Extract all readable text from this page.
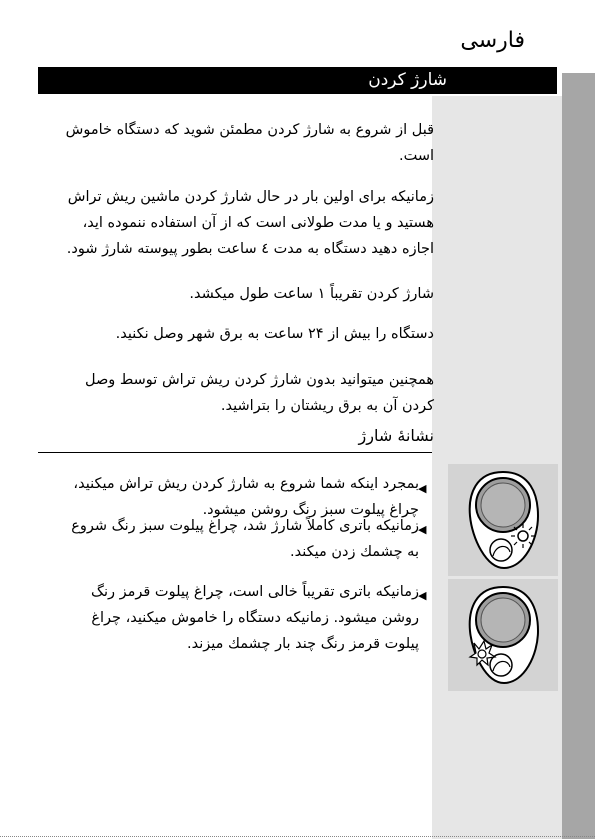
فارسی
شارژ کردن

قبل از شروع به شارژ کردن مطمئن شوید که دستگاه خاموش است.

زمانیکه برای اولین بار در حال شارژ کردن ماشین ریش تراش هستید و یا مدت طولانی است که از آن استفاده ننموده اید، اجازه دهید دستگاه به مدت ٤ ساعت بطور پیوسته شارژ شود.

شارژ کردن تقریباً ۱ ساعت طول میکشد.

دستگاه را بیش از ۲۴ ساعت به برق شهر وصل نکنید.

همچنین میتوانید بدون شارژ کردن ریش تراش توسط وصل کردن آن به برق ریشتان را بتراشید.

نشانهٔ شارژ
◀

بمجرد اینکه شما شروع به شارژ کردن ریش تراش میکنید، چراغ پیلوت سبز رنگ روشن میشود.

◀

زمانیکه باتری کاملاً شارژ شد، چراغ پیلوت سبز رنگ شروع به چشمك زدن میکند.

◀

زمانیکه باتری تقریباً خالی است، چراغ پیلوت قرمز رنگ روشن میشود. زمانیکه دستگاه را خاموش میکنید، چراغ پیلوت قرمز رنگ چند بار چشمك میزند.
